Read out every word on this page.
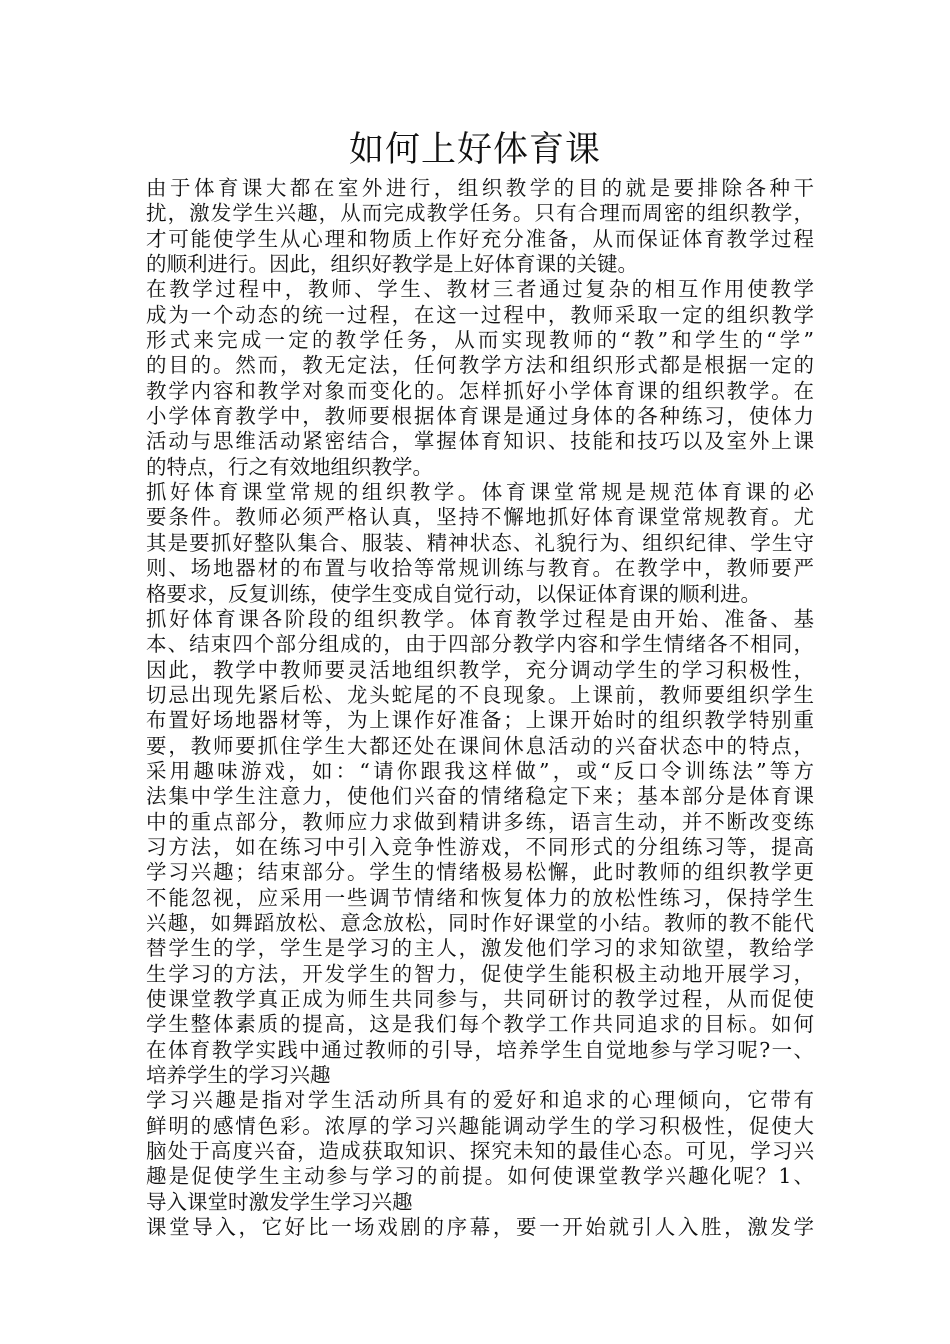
如何上好体育课
由于体育课大都在室外进行，组织教学的目的就是要排除各种干
扰，激发学生兴趣，从而完成教学任务。只有合理而周密的组织教学，
才可能使学生从心理和物质上作好充分准备，从而保证体育教学过程
的顺利进行。因此，组织好教学是上好体育课的关键。
在教学过程中，教师、学生、教材三者通过复杂的相互作用使教学
成为一个动态的统一过程，在这一过程中，教师采取一定的组织教学
形式来完成一定的教学任务，从而实现教师的“教”和学生的“学”
的目的。然而，教无定法，任何教学方法和组织形式都是根据一定的
教学内容和教学对象而变化的。怎样抓好小学体育课的组织教学。在
小学体育教学中，教师要根据体育课是通过身体的各种练习，使体力
活动与思维活动紧密结合，掌握体育知识、技能和技巧以及室外上课
的特点，行之有效地组织教学。
抓好体育课堂常规的组织教学。体育课堂常规是规范体育课的必
要条件。教师必须严格认真，坚持不懈地抓好体育课堂常规教育。尤
其是要抓好整队集合、服装、精神状态、礼貌行为、组织纪律、学生守
则、场地器材的布置与收拾等常规训练与教育。在教学中，教师要严
格要求，反复训练，使学生变成自觉行动，以保证体育课的顺利进。
抓好体育课各阶段的组织教学。体育教学过程是由开始、准备、基
本、结束四个部分组成的，由于四部分教学内容和学生情绪各不相同，
因此，教学中教师要灵活地组织教学，充分调动学生的学习积极性，
切忌出现先紧后松、龙头蛇尾的不良现象。上课前，教师要组织学生
布置好场地器材等，为上课作好准备；上课开始时的组织教学特别重
要，教师要抓住学生大都还处在课间休息活动的兴奋状态中的特点，
采用趣味游戏，如：“请你跟我这样做”，或“反口令训练法”等方
法集中学生注意力，使他们兴奋的情绪稳定下来；基本部分是体育课
中的重点部分，教师应力求做到精讲多练，语言生动，并不断改变练
习方法，如在练习中引入竞争性游戏，不同形式的分组练习等，提高
学习兴趣；结束部分。学生的情绪极易松懈，此时教师的组织教学更
不能忽视，应采用一些调节情绪和恢复体力的放松性练习，保持学生
兴趣，如舞蹈放松、意念放松，同时作好课堂的小结。教师的教不能代
替学生的学，学生是学习的主人，激发他们学习的求知欲望，教给学
生学习的方法，开发学生的智力，促使学生能积极主动地开展学习，
使课堂教学真正成为师生共同参与，共同研讨的教学过程，从而促使
学生整体素质的提高，这是我们每个教学工作共同追求的目标。如何
在体育教学实践中通过教师的引导，培养学生自觉地参与学习呢?一、
培养学生的学习兴趣
学习兴趣是指对学生活动所具有的爱好和追求的心理倾向，它带有
鲜明的感情色彩。浓厚的学习兴趣能调动学生的学习积极性，促使大
脑处于高度兴奋，造成获取知识、探究未知的最佳心态。可见，学习兴
趣是促使学生主动参与学习的前提。如何使课堂教学兴趣化呢？1、
导入课堂时激发学生学习兴趣
课堂导入，它好比一场戏剧的序幕，要一开始就引人入胜，激发学
